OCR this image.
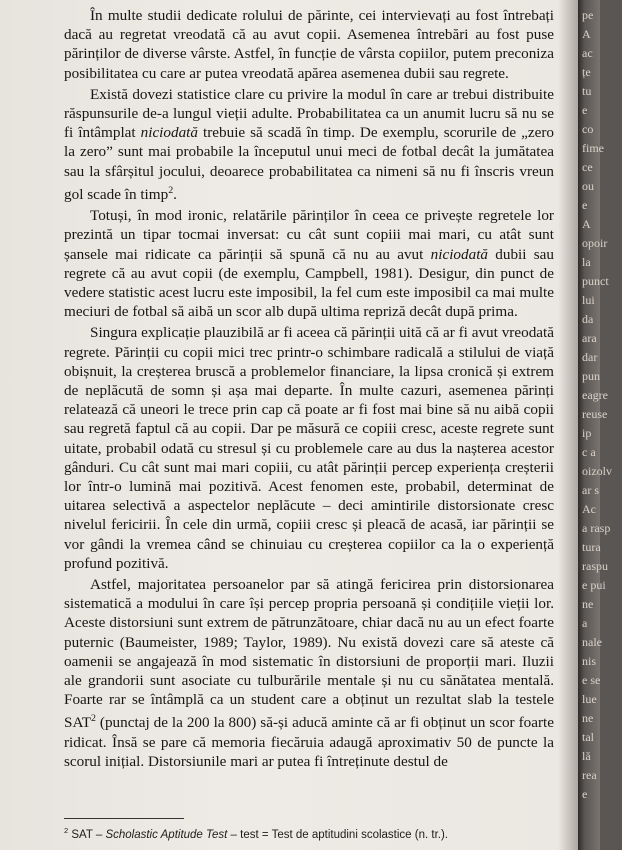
În multe studii dedicate rolului de părinte, cei intervievați au fost întrebați dacă au regretat vreodată că au avut copii. Asemenea întrebări au fost puse părinților de diverse vârste. Astfel, în funcție de vârsta copiilor, putem preconiza posibilitatea cu care ar putea vreodată apărea asemenea dubii sau regrete.

Există dovezi statistice clare cu privire la modul în care ar trebui distribuite răspunsurile de-a lungul vieții adulte. Probabilitatea ca un anumit lucru să nu se fi întâmplat niciodată trebuie să scadă în timp. De exemplu, scorurile de „zero la zero” sunt mai probabile la începutul unui meci de fotbal decât la jumătatea sau la sfârșitul jocului, deoarece probabilitatea ca nimeni să nu fi înscris vreun gol scade în timp$^2$.

Totuși, în mod ironic, relatările părinților în ceea ce privește regretele lor prezintă un tipar tocmai inversat: cu cât sunt copiii mai mari, cu atât sunt șansele mai ridicate ca părinții să spună că nu au avut niciodată dubii sau regrete că au avut copii (de exemplu, Campbell, 1981). Desigur, din punct de vedere statistic acest lucru este imposibil, la fel cum este imposibil ca mai multe meciuri de fotbal să aibă un scor alb după ultima repriză decât după prima.

Singura explicație plauzibilă ar fi aceea că părinții uită că ar fi avut vreodată regrete. Părinții cu copii mici trec printr-o schimbare radicală a stilului de viață obișnuit, la creșterea bruscă a problemelor financiare, la lipsa cronică și extrem de neplăcută de somn și așa mai departe. În multe cazuri, asemenea părinți relatează că uneori le trece prin cap că poate ar fi fost mai bine să nu aibă copii sau regretă faptul că au copii. Dar pe măsură ce copiii cresc, aceste regrete sunt uitate, probabil odată cu stresul și cu problemele care au dus la nașterea acestor gânduri. Cu cât sunt mai mari copiii, cu atât părinții percep experiența creșterii lor într-o lumină mai pozitivă. Acest fenomen este, probabil, determinat de uitarea selectivă a aspectelor neplăcute – deci amintirile distorsionate cresc nivelul fericirii. În cele din urmă, copiii cresc și pleacă de acasă, iar părinții se vor gândi la vremea când se chinuiau cu creșterea copiilor ca la o experiență profund pozitivă.

Astfel, majoritatea persoanelor par să atingă fericirea prin distorsionarea sistematică a modului în care își percep propria persoană și condițiile vieții lor. Aceste distorsiuni sunt extrem de pătrunzătoare, chiar dacă nu au un efect foarte puternic (Baumeister, 1989; Taylor, 1989). Nu există dovezi care să ateste că oamenii se angajează în mod sistematic în distorsiuni de proporții mari. Iluzii ale grandorii sunt asociate cu tulburările mentale și nu cu sănătatea mentală. Foarte rar se întâmplă ca un student care a obținut un rezultat slab la testele SAT$^2$ (punctaj de la 200 la 800) să-și aducă aminte că ar fi obținut un scor foarte ridicat. Însă se pare că memoria fiecăruia adaugă aproximativ 50 de puncte la scorul inițial. Distorsiunile mari ar putea fi întreținute destul de

$^2$ SAT – Scholastic Aptitude Test – test = Test de aptitudini scolastice (n. tr.).
pe
A
ac
țe
tu
e
co
fime
ce
ou
e
A
opoir
la
punct
lui
da
ara
dar
pun
eagre
reuse
ip
c a
oizolv
ar s
Ac
a rasp
tura
raspu
e pui
ne
a
nale
nis
e se
lue
ne
tal
lă
rea
e
